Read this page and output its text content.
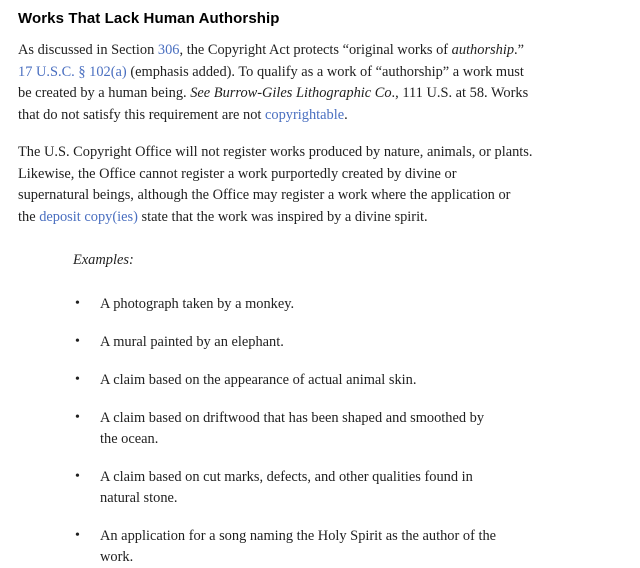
Works That Lack Human Authorship
As discussed in Section 306, the Copyright Act protects “original works of authorship.”
17 U.S.C. § 102(a) (emphasis added). To qualify as a work of “authorship” a work must
be created by a human being. See Burrow-Giles Lithographic Co., 111 U.S. at 58. Works
that do not satisfy this requirement are not copyrightable.
The U.S. Copyright Office will not register works produced by nature, animals, or plants.
Likewise, the Office cannot register a work purportedly created by divine or
supernatural beings, although the Office may register a work where the application or
the deposit copy(ies) state that the work was inspired by a divine spirit.
Examples:
• A photograph taken by a monkey.
• A mural painted by an elephant.
• A claim based on the appearance of actual animal skin.
• A claim based on driftwood that has been shaped and smoothed by
the ocean.
• A claim based on cut marks, defects, and other qualities found in
natural stone.
• An application for a song naming the Holy Spirit as the author of the
work.
